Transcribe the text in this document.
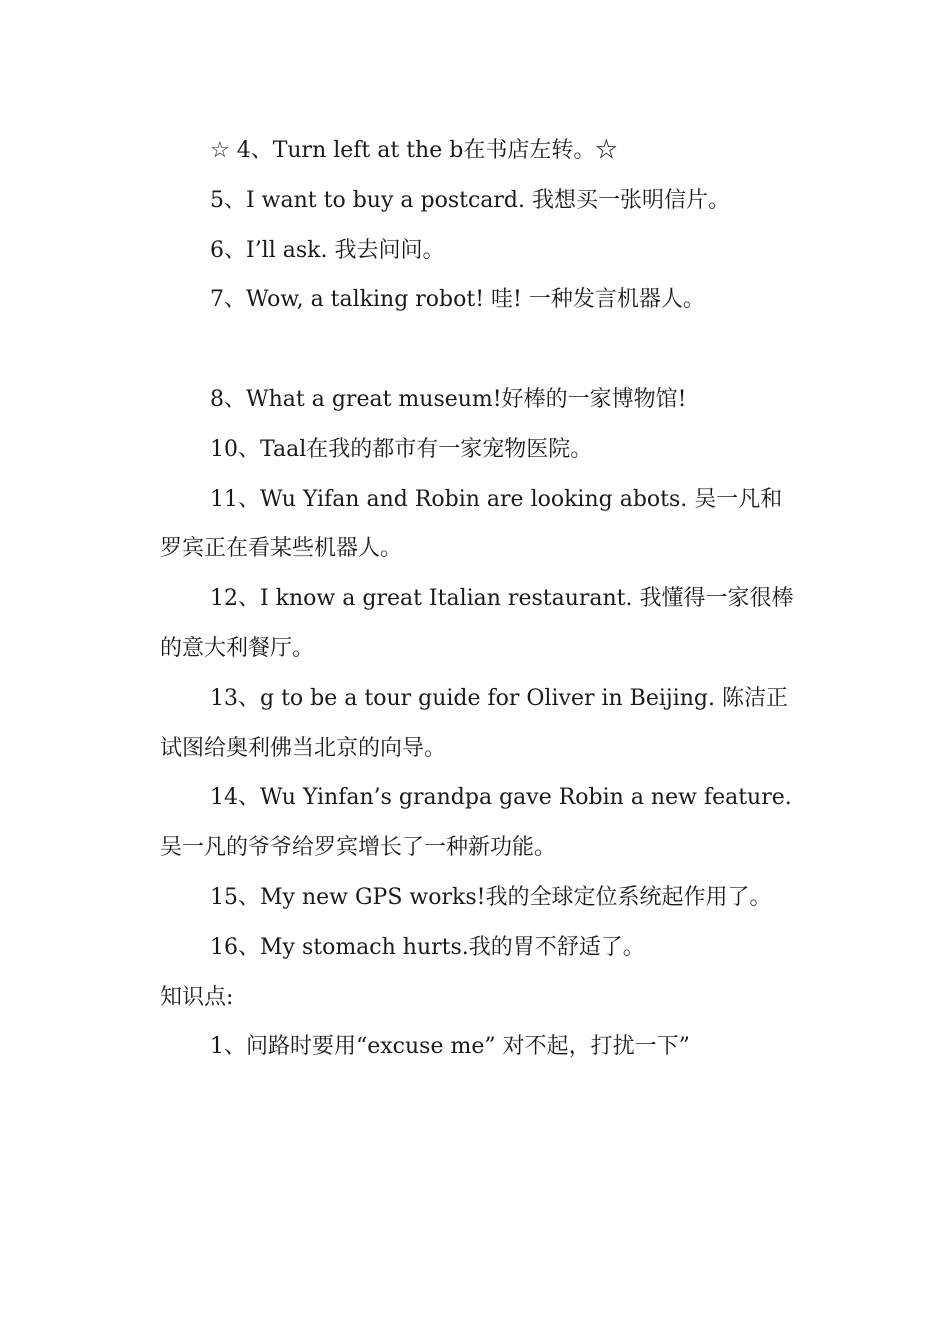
☆ 4、Turn left at the b在书店左转。☆

5、I want to buy a postcard. 我想买一张明信片。

6、I’ll ask. 我去问问。

7、Wow, a talking robot! 哇! 一种发言机器人。

8、What a great museum!好棒的一家博物馆!

10、Taal在我的都市有一家宠物医院。

11、Wu Yifan and Robin are looking abots. 吴一凡和罗宾正在看某些机器人。

12、I know a great Italian restaurant. 我懂得一家很棒的意大利餐厅。

13、g to be a tour guide for Oliver in Beijing. 陈洁正试图给奥利佛当北京的向导。

14、Wu Yinfan’s grandpa gave Robin a new feature. 吴一凡的爷爷给罗宾增长了一种新功能。

15、My new GPS works!我的全球定位系统起作用了。

16、My stomach hurts.我的胃不舒适了。

知识点:

1、问路时要用“excuse me” 对不起，打扰一下”
